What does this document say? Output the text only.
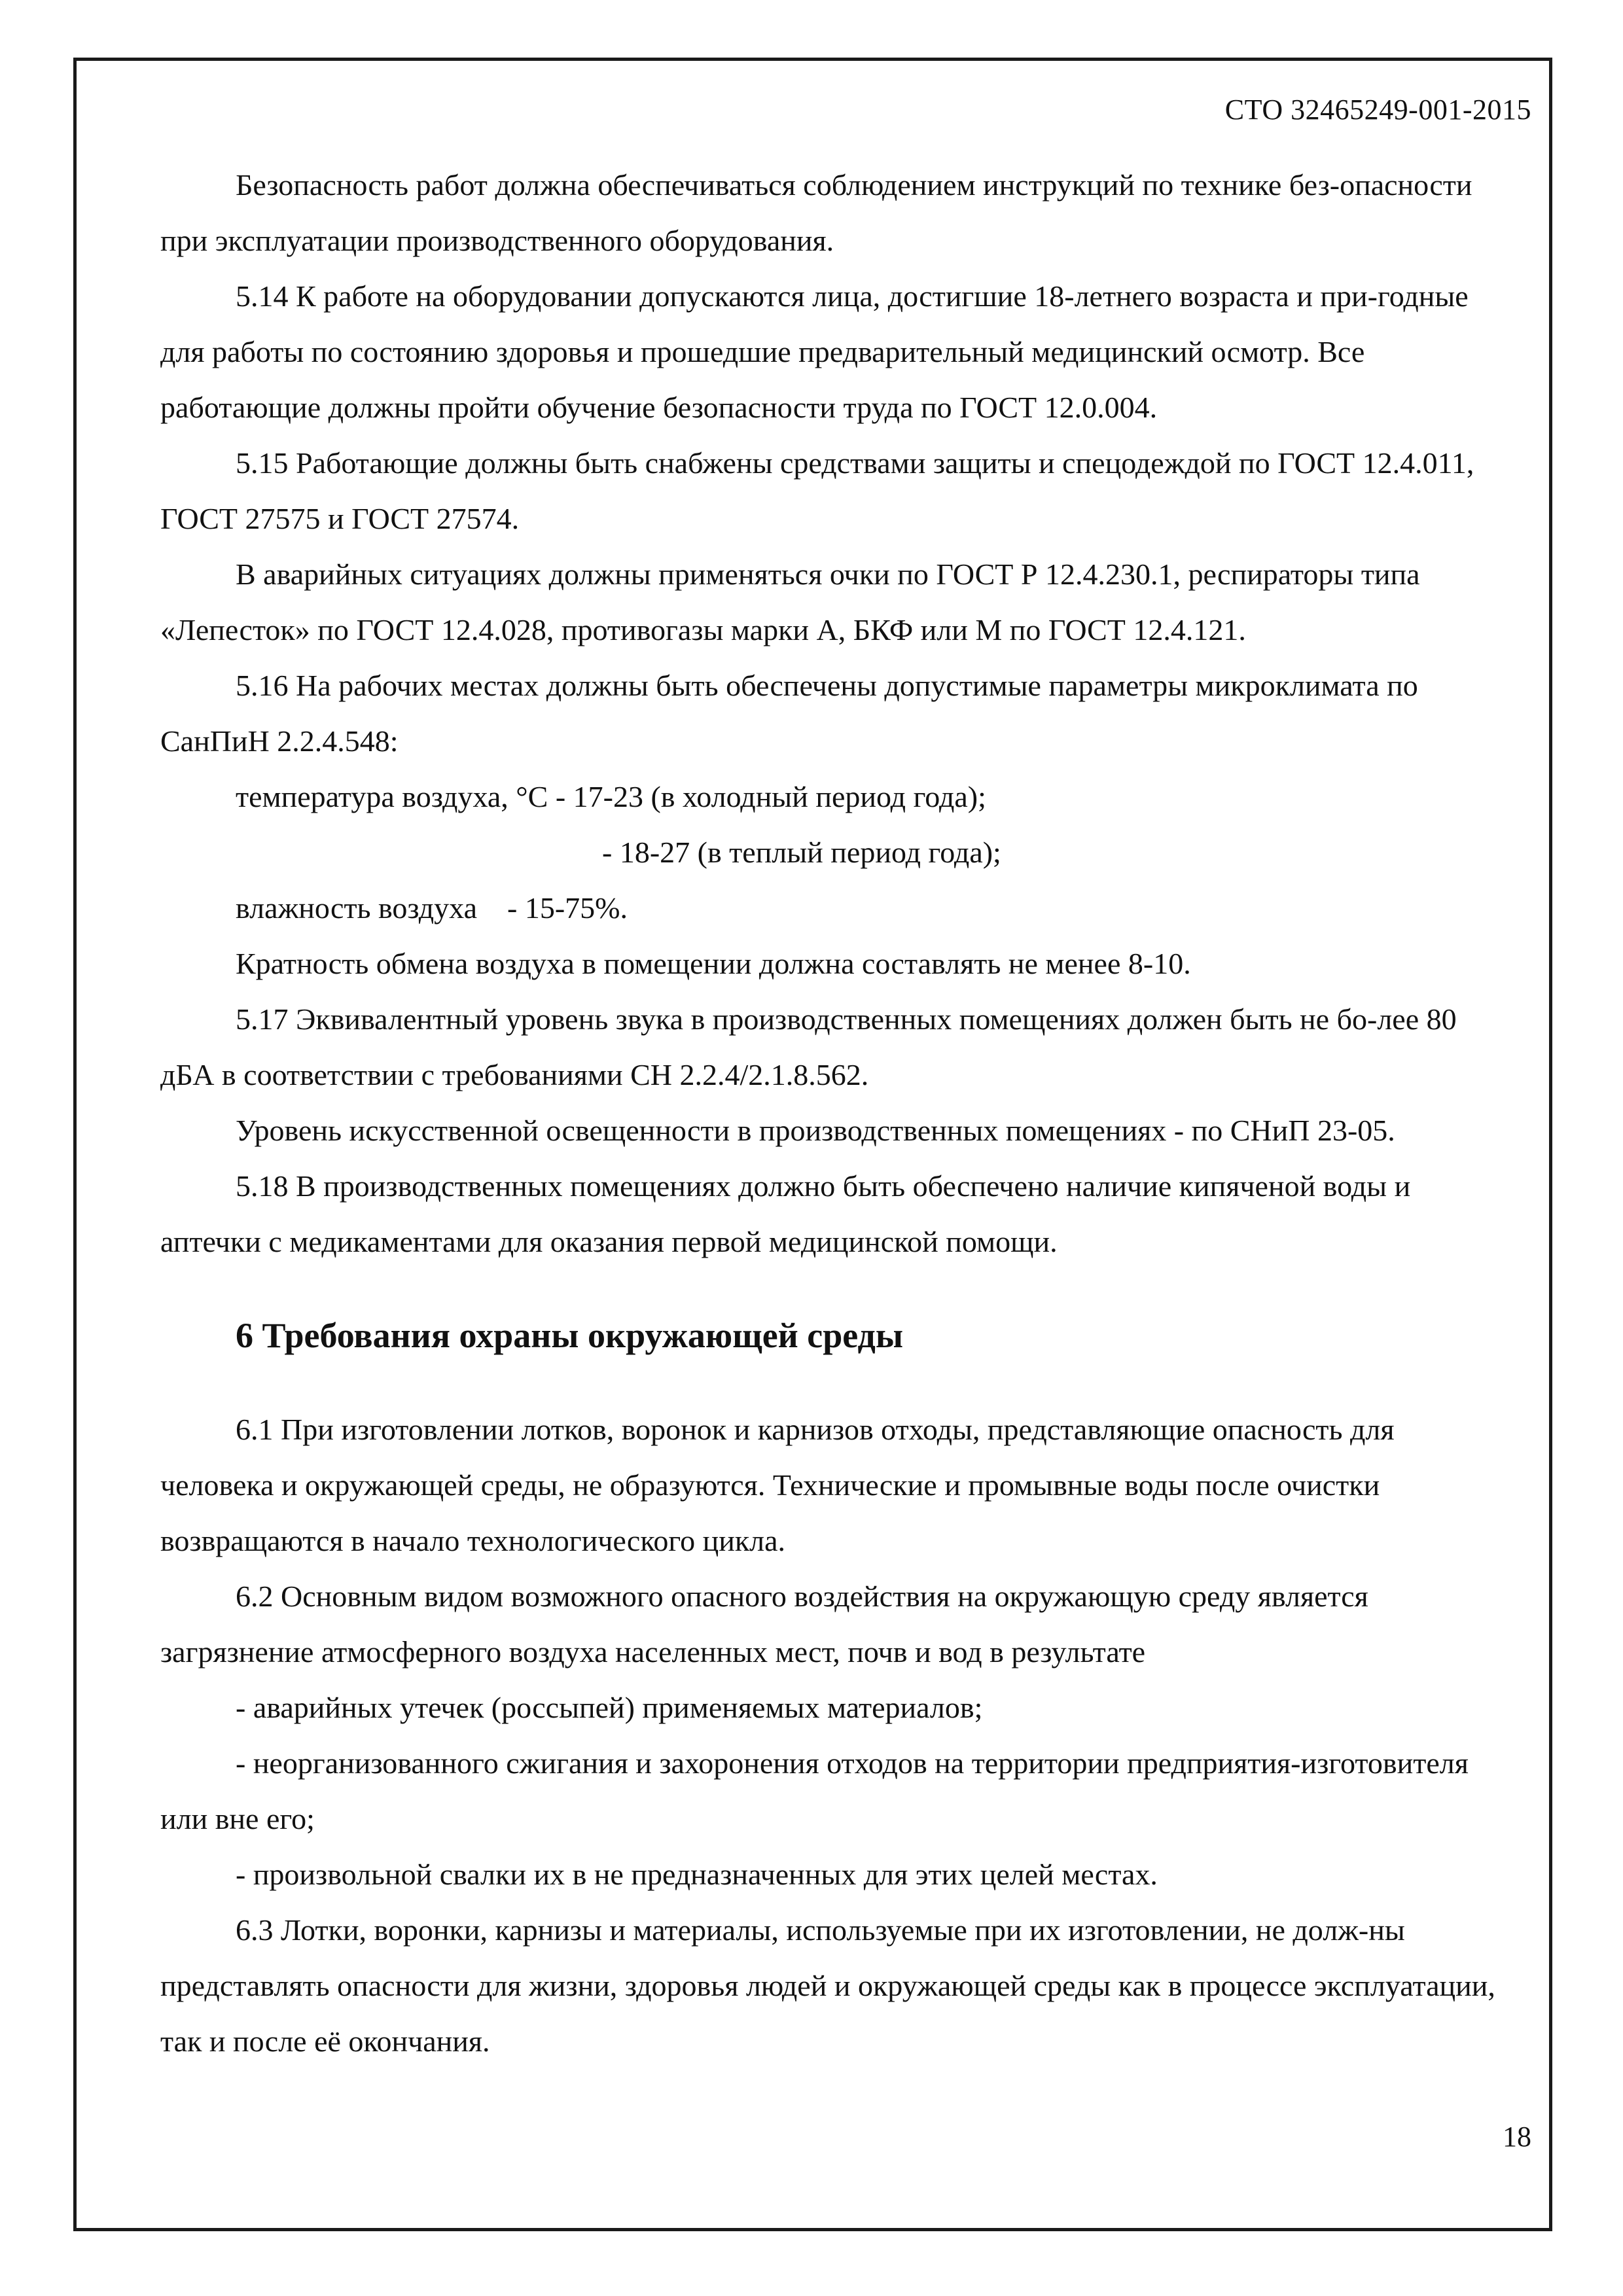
СТО 32465249-001-2015

Безопасность работ должна обеспечиваться соблюдением инструкций по технике без-опасности при эксплуатации производственного оборудования.

5.14 К работе на оборудовании допускаются лица, достигшие 18-летнего возраста и при-годные для работы по состоянию здоровья и прошедшие предварительный медицинский осмотр. Все работающие должны пройти обучение безопасности труда по ГОСТ 12.0.004.

5.15 Работающие должны быть снабжены средствами защиты и спецодеждой по ГОСТ 12.4.011, ГОСТ 27575 и ГОСТ 27574.

В аварийных ситуациях должны применяться очки по ГОСТ Р 12.4.230.1, респираторы типа «Лепесток» по ГОСТ 12.4.028, противогазы марки А, БКФ или М по ГОСТ 12.4.121.

5.16 На рабочих местах должны быть обеспечены допустимые параметры микроклимата по СанПиН 2.2.4.548:

температура воздуха, °С - 17-23 (в холодный период года);
- 18-27 (в теплый период года);
влажность воздуха - 15-75%.

Кратность обмена воздуха в помещении должна составлять не менее 8-10.

5.17 Эквивалентный уровень звука в производственных помещениях должен быть не бо-лее 80 дБА в соответствии с требованиями СН 2.2.4/2.1.8.562.

Уровень искусственной освещенности в производственных помещениях - по СНиП 23-05.

5.18 В производственных помещениях должно быть обеспечено наличие кипяченой воды и аптечки с медикаментами для оказания первой медицинской помощи.

6 Требования охраны окружающей среды

6.1 При изготовлении лотков, воронок и карнизов отходы, представляющие опасность для человека и окружающей среды, не образуются. Технические и промывные воды после очистки возвращаются в начало технологического цикла.

6.2 Основным видом возможного опасного воздействия на окружающую среду является загрязнение атмосферного воздуха населенных мест, почв и вод в результате

- аварийных утечек (россыпей) применяемых материалов;

- неорганизованного сжигания и захоронения отходов на территории предприятия-изготовителя или вне его;

- произвольной свалки их в не предназначенных для этих целей местах.

6.3 Лотки, воронки, карнизы и материалы, используемые при их изготовлении, не долж-ны представлять опасности для жизни, здоровья людей и окружающей среды как в процессе эксплуатации, так и после её окончания.

18
